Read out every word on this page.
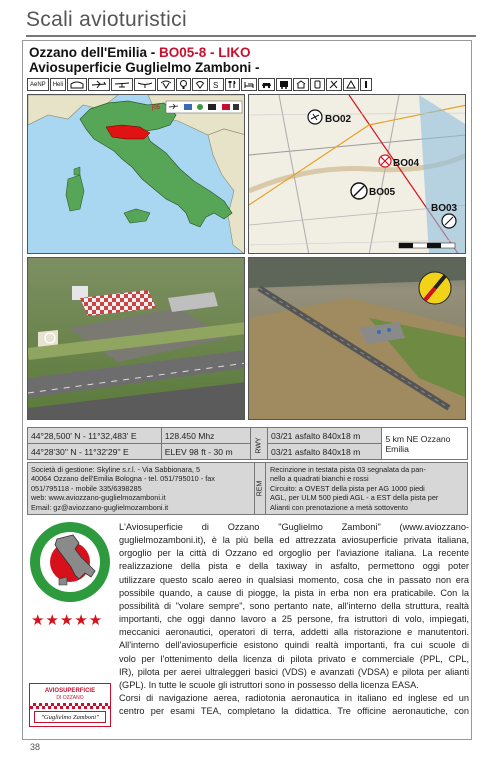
Scali avioturistici
Ozzano dell'Emilia - BO05-8 - LIKO
Aviosuperficie Guglielmo Zamboni -
AeNP	Heli	S
j05
BO02
BO04
BO05
BO03
44°28,500' N - 11°32,483' E	128.450 Mhz	RWY	03/21 asfalto 840x18 m	5 km NE Ozzano
Emilia

44°28'30'' N - 11°32'29'' E	ELEV 98 ft - 30 m		03/21 asfalto 840x18 m	
Società di gestione: Skyline s.r.l. - Via Sabbionara, 5
40064 Ozzano dell'Emilia Bologna - tel. 051/795010 - fax
051/795118 - mobile 335/6398285
web: www.aviozzano-guglielmozamboni.it
Email: gz@aviozzano-guglielmozamboni.it
REM
Recinzione in testata pista 03 segnalata da pan-
nello a quadrati bianchi e rossi
Circuito: a OVEST della pista per AG 1000 piedi
AGL, per ULM 500 piedi AGL - a EST della pista per
Alianti con prenotazione a metà sottovento
★★★★★
AVIOSUPERFICIE
DI OZZANO
"Guglielmo Zamboni"
L'Aviosuperficie di Ozzano "Guglielmo Zamboni" (www.aviozzano-
guglielmozamboni.it), è la più bella ed attrezzata aviosuperficie privata italiana,
orgoglio per la città di Ozzano ed orgoglio per l'aviazione italiana. La recente
realizzazione della pista e della taxiway in asfalto, permettono oggi poter
utilizzare questo scalo aereo in qualsiasi momento, cosa che in passato non era
possibile quando, a cause di piogge, la pista in erba non era praticabile. Con la
possibilità di "volare sempre", sono pertanto nate, all'interno della struttura, realtà
importanti, che oggi danno lavoro a 25 persone, fra istruttori di volo, impiegati,
meccanici aeronautici, operatori di terra, addetti alla ristorazione e manutentori.
All'interno dell'aviosuperficie esistono quindi realtà importanti, fra cui scuole di
volo per l'ottenimento della licenza di pilota privato e commerciale (PPL, CPL,
IR), pilota per aerei ultraleggeri basici (VDS) e avanzati (VDSA) e pilota per alianti
(GPL). In tutte le scuole gli istruttori sono in possesso della licenza EASA.
Corsi di navigazione aerea, radiotonia aeronautica in italiano ed inglese ed un
centro per esami TEA, completano la didattica. Tre officine aeronautiche, con
38
